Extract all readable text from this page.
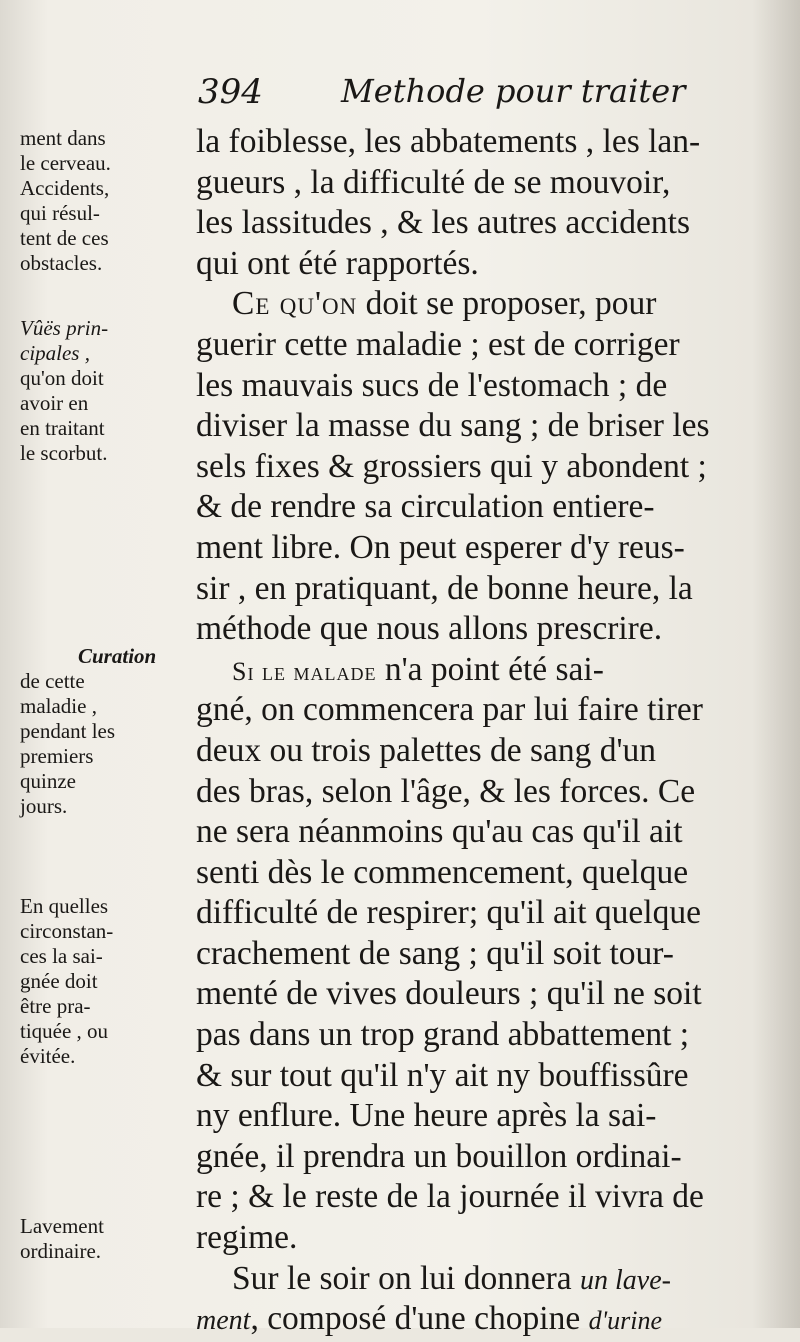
394 Methode pour traiter
ment dans
le cerveau.
Accidents,
qui résul-
tent de ces
obstacles.
Vûës prin-
cipales ,
qu'on doit
avoir en
en traitant
le scorbut.
Curation
de cette
maladie ,
pendant les
premiers
quinze
jours.
En quelles
circonstan-
ces la sai-
gnée doit
être pra-
tiquée , ou
évitée.
Lavement
ordinaire.
la foiblesse, les abbatements , les lan-
gueurs , la difficulté de se mouvoir,
les lassitudes , & les autres accidents
qui ont été rapportés.
Ce qu'on doit se proposer, pour
guerir cette maladie ; est de corriger
les mauvais sucs de l'estomach ; de
diviser la masse du sang ; de briser les
sels fixes & grossiers qui y abondent ;
& de rendre sa circulation entiere-
ment libre. On peut esperer d'y reus-
sir , en pratiquant, de bonne heure, la
méthode que nous allons prescrire.
Si le malade n'a point été sai-
gné, on commencera par lui faire tirer
deux ou trois palettes de sang d'un
des bras, selon l'âge, & les forces. Ce
ne sera néanmoins qu'au cas qu'il ait
senti dès le commencement, quelque
difficulté de respirer; qu'il ait quelque
crachement de sang ; qu'il soit tour-
menté de vives douleurs ; qu'il ne soit
pas dans un trop grand abbattement ;
& sur tout qu'il n'y ait ny bouffissûre
ny enflure. Une heure après la sai-
gnée, il prendra un bouillon ordinai-
re ; & le reste de la journée il vivra de
regime.
Sur le soir on lui donnera un lave-
ment, composé d'une chopine d'urine
